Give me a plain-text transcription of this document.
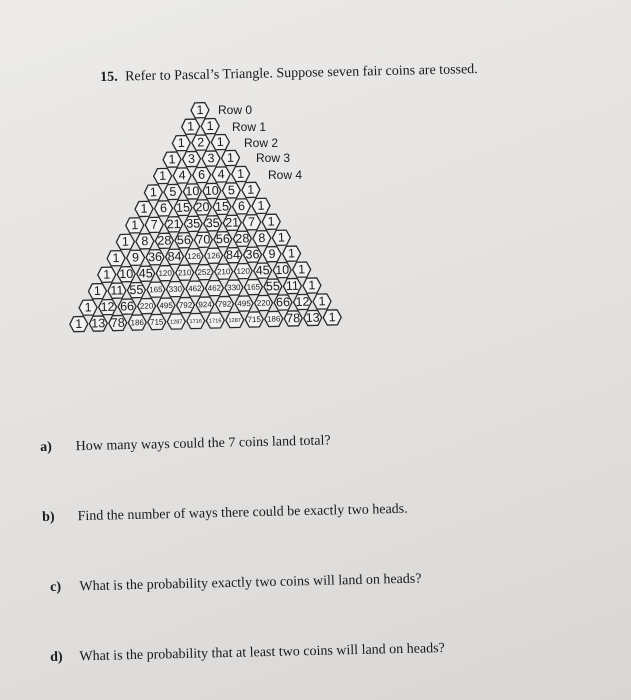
15. Refer to Pascal’s Triangle. Suppose seven fair coins are tossed.
1
1 1
1 2 1
1 3 3 1
1 4 6 4 1
1 5 10 10 5 1
1 6 15 20 15 6 1
1 7 21 35 35 21 7 1
1 8 28 56 70 56 28 8 1
1 9 36 84 126 126 84 36 9 1
1 10 45 120 210 252 210 120 45 10 1
1 11 55 165 330 462 462 330 165 55 11 1
1 12 66 220 495 792 924 792 495 220 66 12 1
1 13 78 186 715 1287 1716 1716 1287 715 186 78 13 1
Row 0
Row 1
Row 2
Row 3
Row 4
a) How many ways could the 7 coins land total?
b) Find the number of ways there could be exactly two heads.
c) What is the probability exactly two coins will land on heads?
d) What is the probability that at least two coins will land on heads?
